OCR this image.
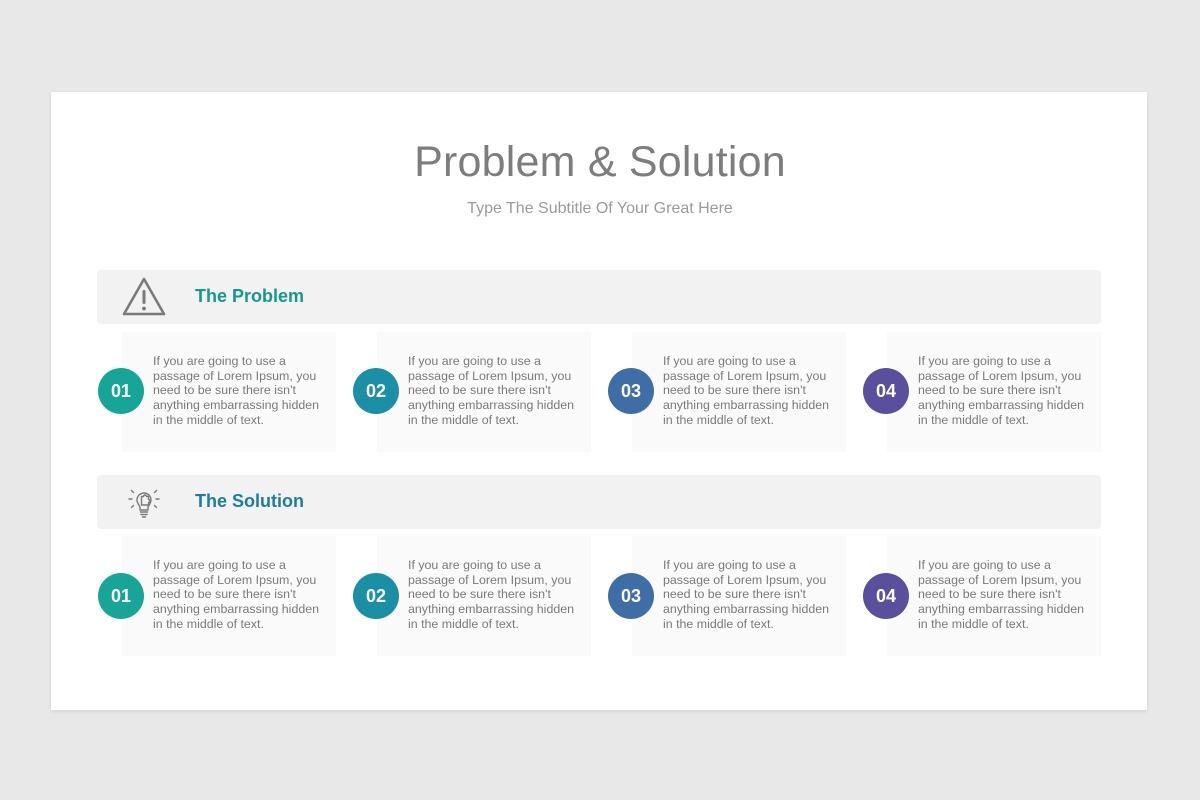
Problem & Solution
Type The Subtitle Of Your Great Here
The Problem
If you are going to use a passage of Lorem Ipsum, you need to be sure there isn't anything embarrassing hidden in the middle of text.
If you are going to use a passage of Lorem Ipsum, you need to be sure there isn't anything embarrassing hidden in the middle of text.
If you are going to use a passage of Lorem Ipsum, you need to be sure there isn't anything embarrassing hidden in the middle of text.
If you are going to use a passage of Lorem Ipsum, you need to be sure there isn't anything embarrassing hidden in the middle of text.
01	02	03	04
The Solution
If you are going to use a passage of Lorem Ipsum, you need to be sure there isn't anything embarrassing hidden in the middle of text.
If you are going to use a passage of Lorem Ipsum, you need to be sure there isn't anything embarrassing hidden in the middle of text.
If you are going to use a passage of Lorem Ipsum, you need to be sure there isn't anything embarrassing hidden in the middle of text.
If you are going to use a passage of Lorem Ipsum, you need to be sure there isn't anything embarrassing hidden in the middle of text.
01	02	03	04
